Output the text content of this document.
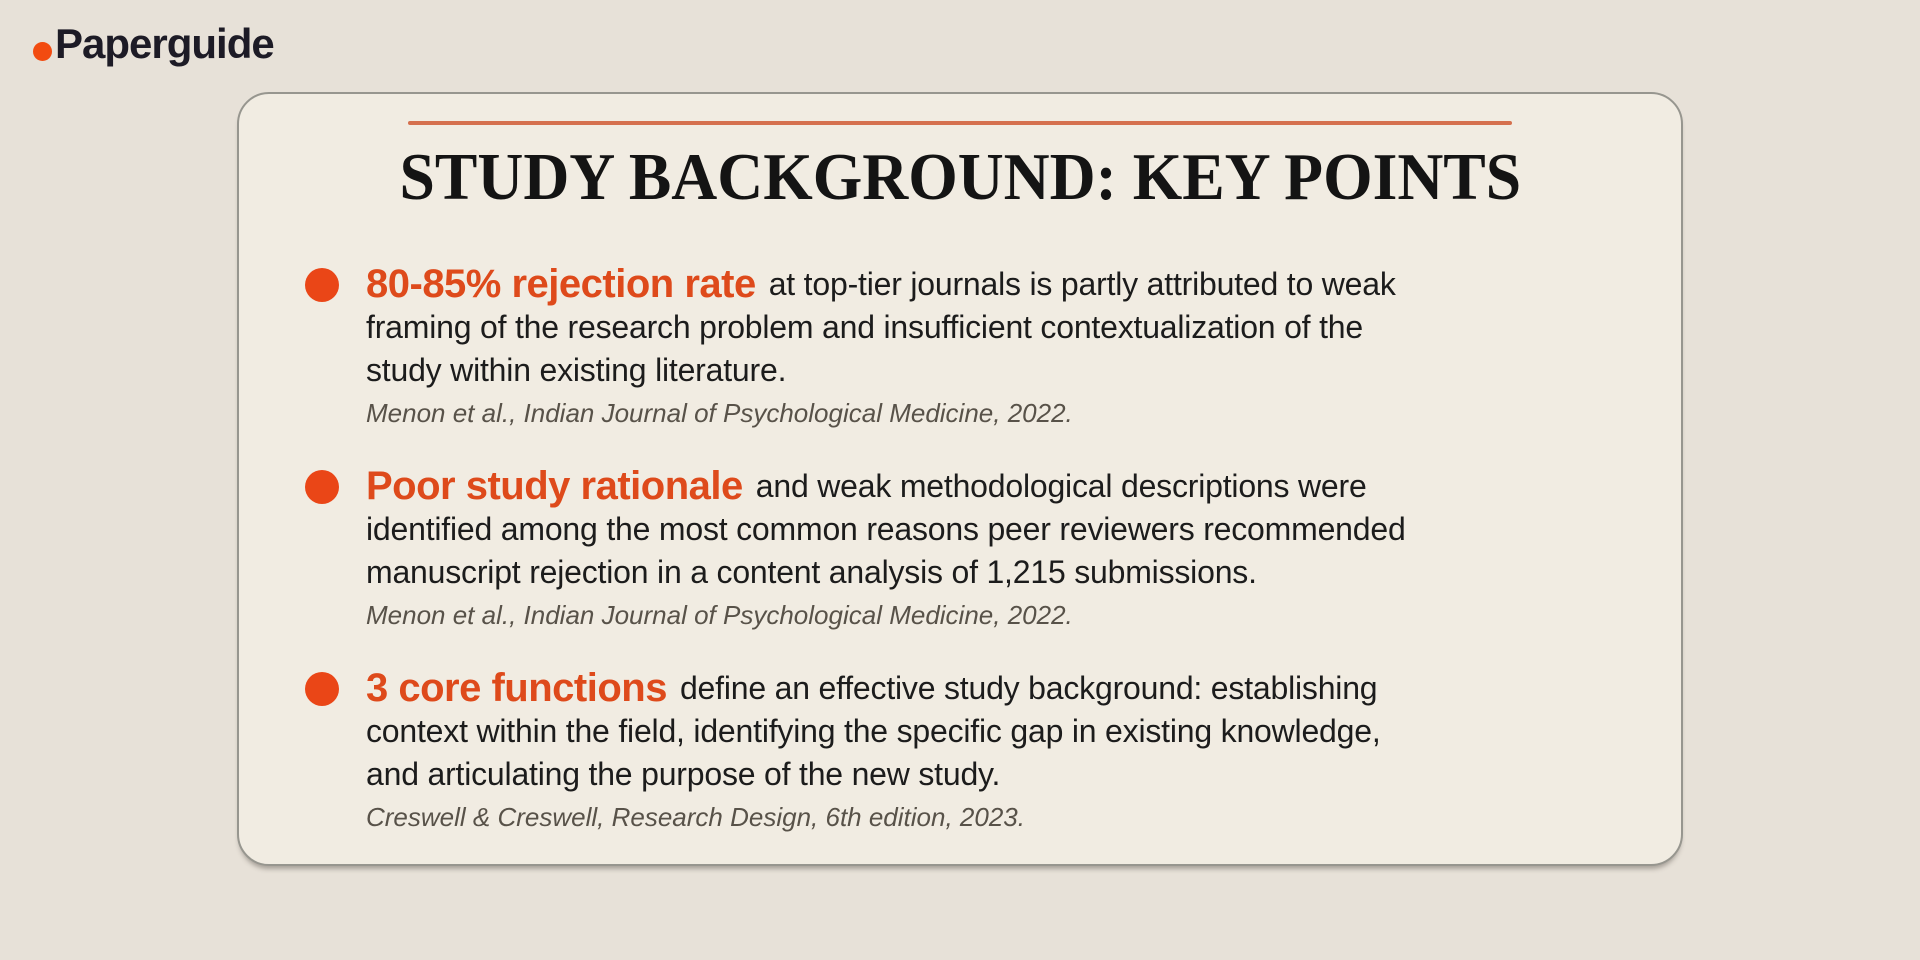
Paperguide
STUDY BACKGROUND: KEY POINTS
80-85% rejection rate at top-tier journals is partly attributed to weak
framing of the research problem and insufficient contextualization of the
study within existing literature.
Menon et al., Indian Journal of Psychological Medicine, 2022.
Poor study rationale and weak methodological descriptions were
identified among the most common reasons peer reviewers recommended
manuscript rejection in a content analysis of 1,215 submissions.
Menon et al., Indian Journal of Psychological Medicine, 2022.
3 core functions define an effective study background: establishing
context within the field, identifying the specific gap in existing knowledge,
and articulating the purpose of the new study.
Creswell & Creswell, Research Design, 6th edition, 2023.
